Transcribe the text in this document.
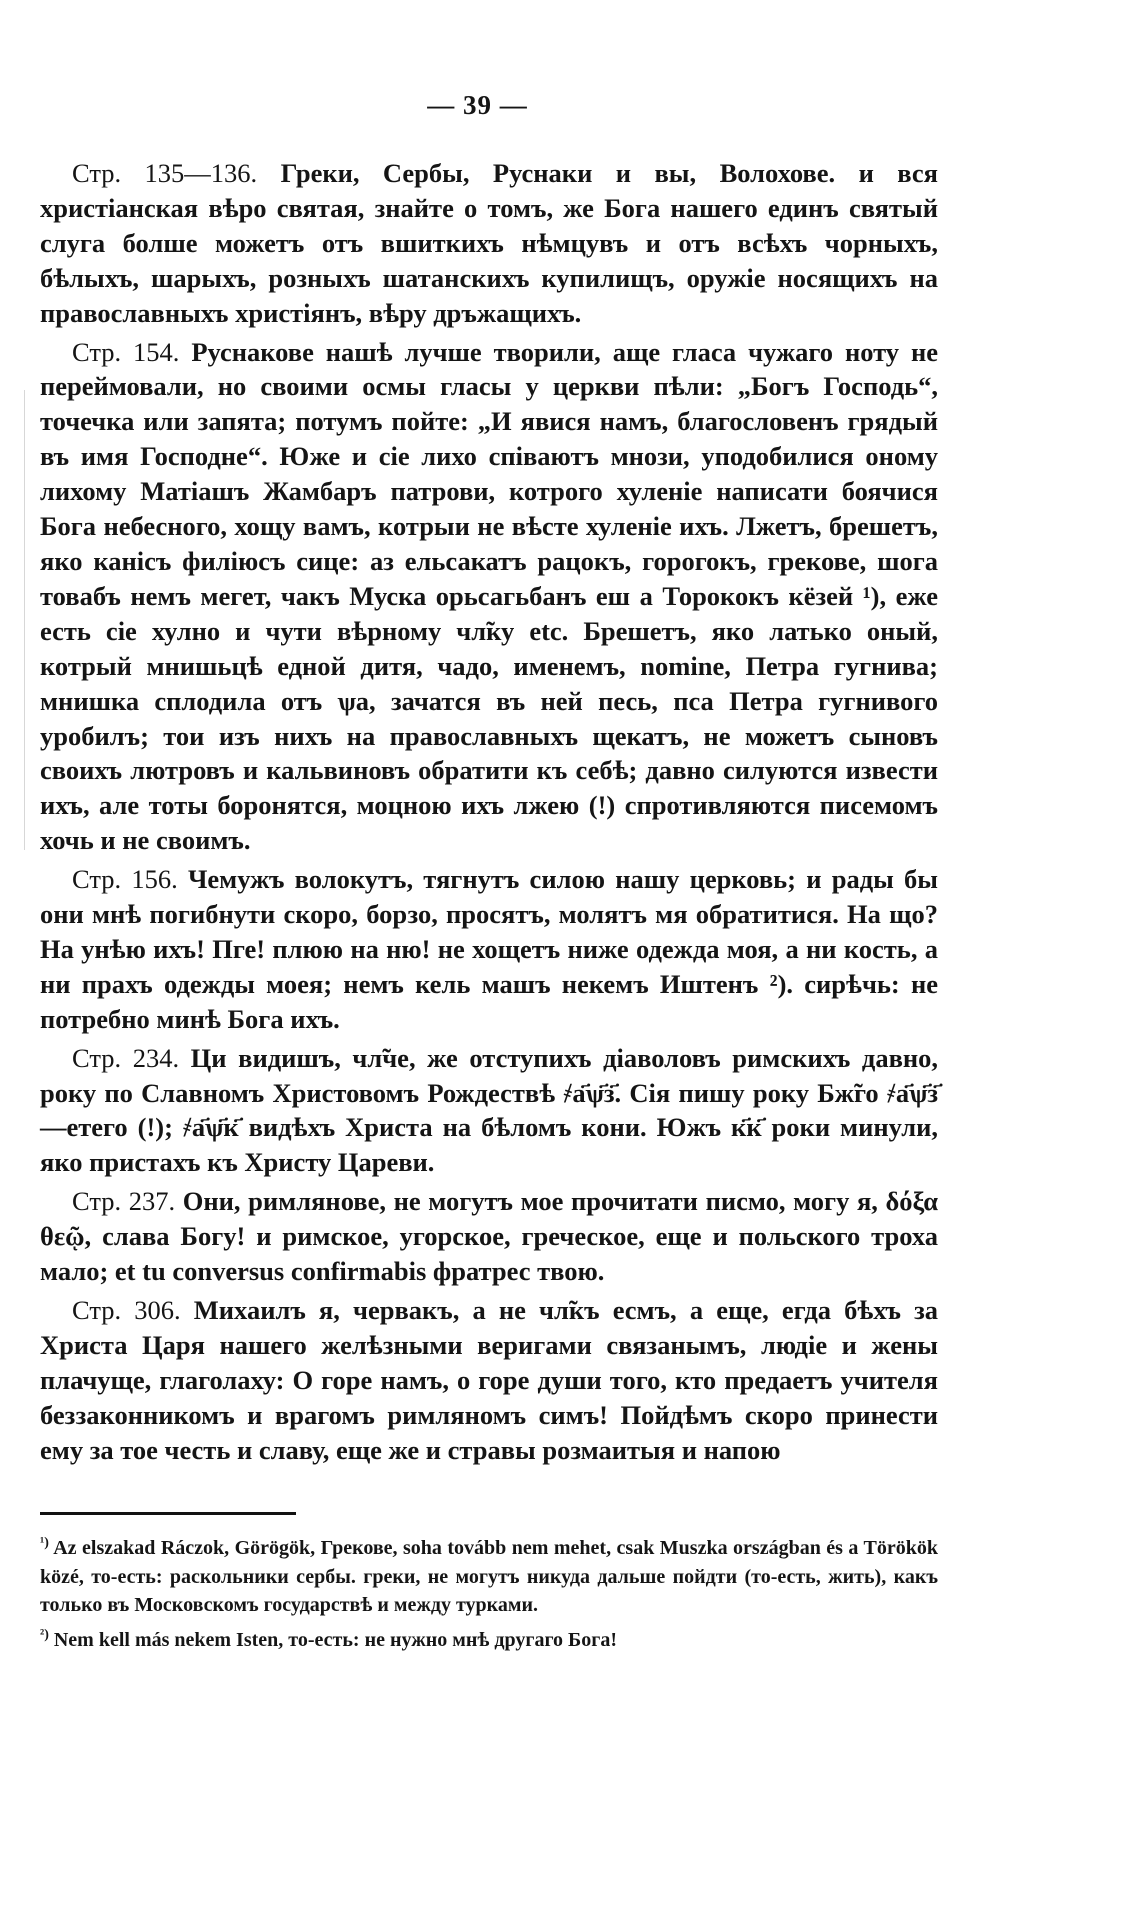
— 39 —

Стр. 135—136. Греки, Сербы, Руснаки и вы, Волохове. и вся христіанская вѣро святая, знайте о томъ, же Бога нашего единъ святый слуга болше можетъ отъ вшиткихъ нѣмцувъ и отъ всѣхъ чорныхъ, бѣлыхъ, шарыхъ, розныхъ шатанскихъ купилищъ, оружіе носящихъ на православныхъ христіянъ, вѣру дръжащихъ.

Стр. 154. Руснакове нашѣ лучше творили, аще гласа чужаго ноту не переймовали, но своими осмы гласы у церкви пѣли: „Богъ Господь“, точечка или запята; потумъ пойте: „И явися намъ, благословенъ грядый въ имя Господне“. Юже и сіе лихо співаютъ мнози, уподобилися оному лихому Матіашъ Жамбаръ патрови, котрого хуленіе написати боячися Бога небесного, хощу вамъ, котрыи не вѣсте хуленіе ихъ. Лжетъ, брешетъ, яко канісъ филіюсъ сице: аз ельсакатъ рацокъ, горогокъ, грекове, шога товабъ немъ мегет, чакъ Муска орьсагьбанъ еш а Торококъ кёзей ¹), еже есть сіе хулно и чути вѣрному чл̃ку etc. Брешетъ, яко латько оный, котрый мнишьцѣ едной дитя, чадо, именемъ, nomine, Петра гугнива; мнишка сплодила отъ ѱа, зачатся въ ней песь, пса Петра гугнивого уробилъ; тои изъ нихъ на православныхъ щекатъ, не можетъ сыновъ своихъ лютровъ и кальвиновъ обратити къ себѣ; давно силуются извести ихъ, але тоты боронятся, моцною ихъ лжею (!) спротивляются писемомъ хочь и не своимъ.

Стр. 156. Чемужъ волокутъ, тягнутъ силою нашу церковь; и рады бы они мнѣ погибнути скоро, борзо, просятъ, молятъ мя обратитися. На що? На унѣю ихъ! Пге! плюю на ню! не хощетъ ниже одежда моя, а ни кость, а ни прахъ одежды моея; немъ кель машъ некемъ Иштенъ ²). сирѣчь: не потребно минѣ Бога ихъ.

Стр. 234. Ци видишъ, чл̃че, же отступихъ діаволовъ римскихъ давно, року по Славномъ Христовомъ Рождествѣ ҂а҃ѱ҃з҃. Сія пишу року Бж̃го ҂а҃ѱ҃з҃—етего (!); ҂а҃ѱ҃к҃ видѣхъ Христа на бѣломъ кони. Южъ к҃к҃ роки минули, яко пристахъ къ Христу Цареви.

Стр. 237. Они, римлянове, не могутъ мое прочитати писмо, могу я, δόξα θεῷ, слава Богу! и римское, угорское, греческое, еще и польского троха мало; et tu conversus confirmabis фратрес твою.

Стр. 306. Михаилъ я, червакъ, а не чл̃къ есмъ, а еще, егда бѣхъ за Христа Царя нашего желѣзными веригами связанымъ, людіе и жены плачуще, глаголаху: О горе намъ, о горе души того, кто предаетъ учителя беззаконникомъ и врагомъ римляномъ симъ! Пойдѣмъ скоро принести ему за тое честь и славу, еще же и стравы розмаитыя и напою

$^{^1)}$ Az elszakad Ráczok, Görögök, Грекове, soha tovább nem mehet, csak Muszka országban és a Törökök közé, то-есть: раскольники сербы. греки, не могутъ никуда дальше пойдти (то-есть, жить), какъ только въ Московскомъ государствѣ и между турками.

$^{^2)}$ Nem kell más nekem Isten, то-есть: не нужно мнѣ другаго Бога!
